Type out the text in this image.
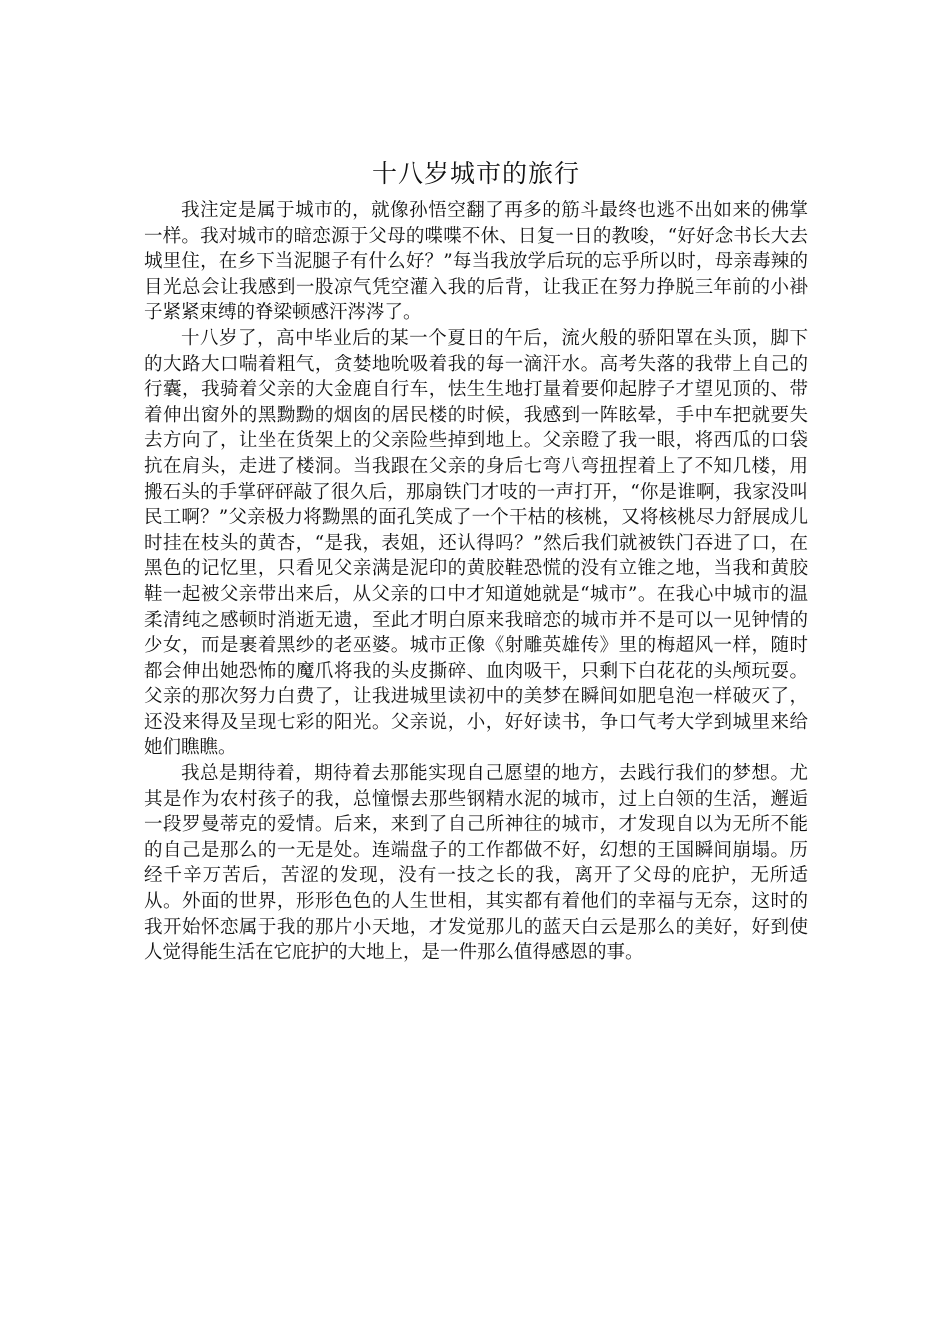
十八岁城市的旅行

我注定是属于城市的，就像孙悟空翻了再多的筋斗最终也逃不出如来的佛掌一样。我对城市的暗恋源于父母的喋喋不休、日复一日的教唆，“好好念书长大去城里住，在乡下当泥腿子有什么好？”每当我放学后玩的忘乎所以时，母亲毒辣的目光总会让我感到一股凉气凭空灌入我的后背，让我正在努力挣脱三年前的小褂子紧紧束缚的脊梁顿感汗涔涔了。

十八岁了，高中毕业后的某一个夏日的午后，流火般的骄阳罩在头顶，脚下的大路大口喘着粗气，贪婪地吮吸着我的每一滴汗水。高考失落的我带上自己的行囊，我骑着父亲的大金鹿自行车，怯生生地打量着要仰起脖子才望见顶的、带着伸出窗外的黑黝黝的烟囱的居民楼的时候，我感到一阵眩晕，手中车把就要失去方向了，让坐在货架上的父亲险些掉到地上。父亲瞪了我一眼，将西瓜的口袋抗在肩头，走进了楼洞。当我跟在父亲的身后七弯八弯扭捏着上了不知几楼，用搬石头的手掌砰砰敲了很久后，那扇铁门才吱的一声打开，“你是谁啊，我家没叫民工啊？”父亲极力将黝黑的面孔笑成了一个干枯的核桃，又将核桃尽力舒展成儿时挂在枝头的黄杏，“是我，表姐，还认得吗？”然后我们就被铁门吞进了口，在黑色的记忆里，只看见父亲满是泥印的黄胶鞋恐慌的没有立锥之地，当我和黄胶鞋一起被父亲带出来后，从父亲的口中才知道她就是“城市”。在我心中城市的温柔清纯之感顿时消逝无遗，至此才明白原来我暗恋的城市并不是可以一见钟情的少女，而是裹着黑纱的老巫婆。城市正像《射雕英雄传》里的梅超风一样，随时都会伸出她恐怖的魔爪将我的头皮撕碎、血肉吸干，只剩下白花花的头颅玩耍。父亲的那次努力白费了，让我进城里读初中的美梦在瞬间如肥皂泡一样破灭了，还没来得及呈现七彩的阳光。父亲说，小，好好读书，争口气考大学到城里来给她们瞧瞧。

我总是期待着，期待着去那能实现自己愿望的地方，去践行我们的梦想。尤其是作为农村孩子的我，总憧憬去那些钢精水泥的城市，过上白领的生活，邂逅一段罗曼蒂克的爱情。后来，来到了自己所神往的城市，才发现自以为无所不能的自己是那么的一无是处。连端盘子的工作都做不好，幻想的王国瞬间崩塌。历经千辛万苦后，苦涩的发现，没有一技之长的我，离开了父母的庇护，无所适从。外面的世界，形形色色的人生世相，其实都有着他们的幸福与无奈，这时的我开始怀恋属于我的那片小天地，才发觉那儿的蓝天白云是那么的美好，好到使人觉得能生活在它庇护的大地上，是一件那么值得感恩的事。
